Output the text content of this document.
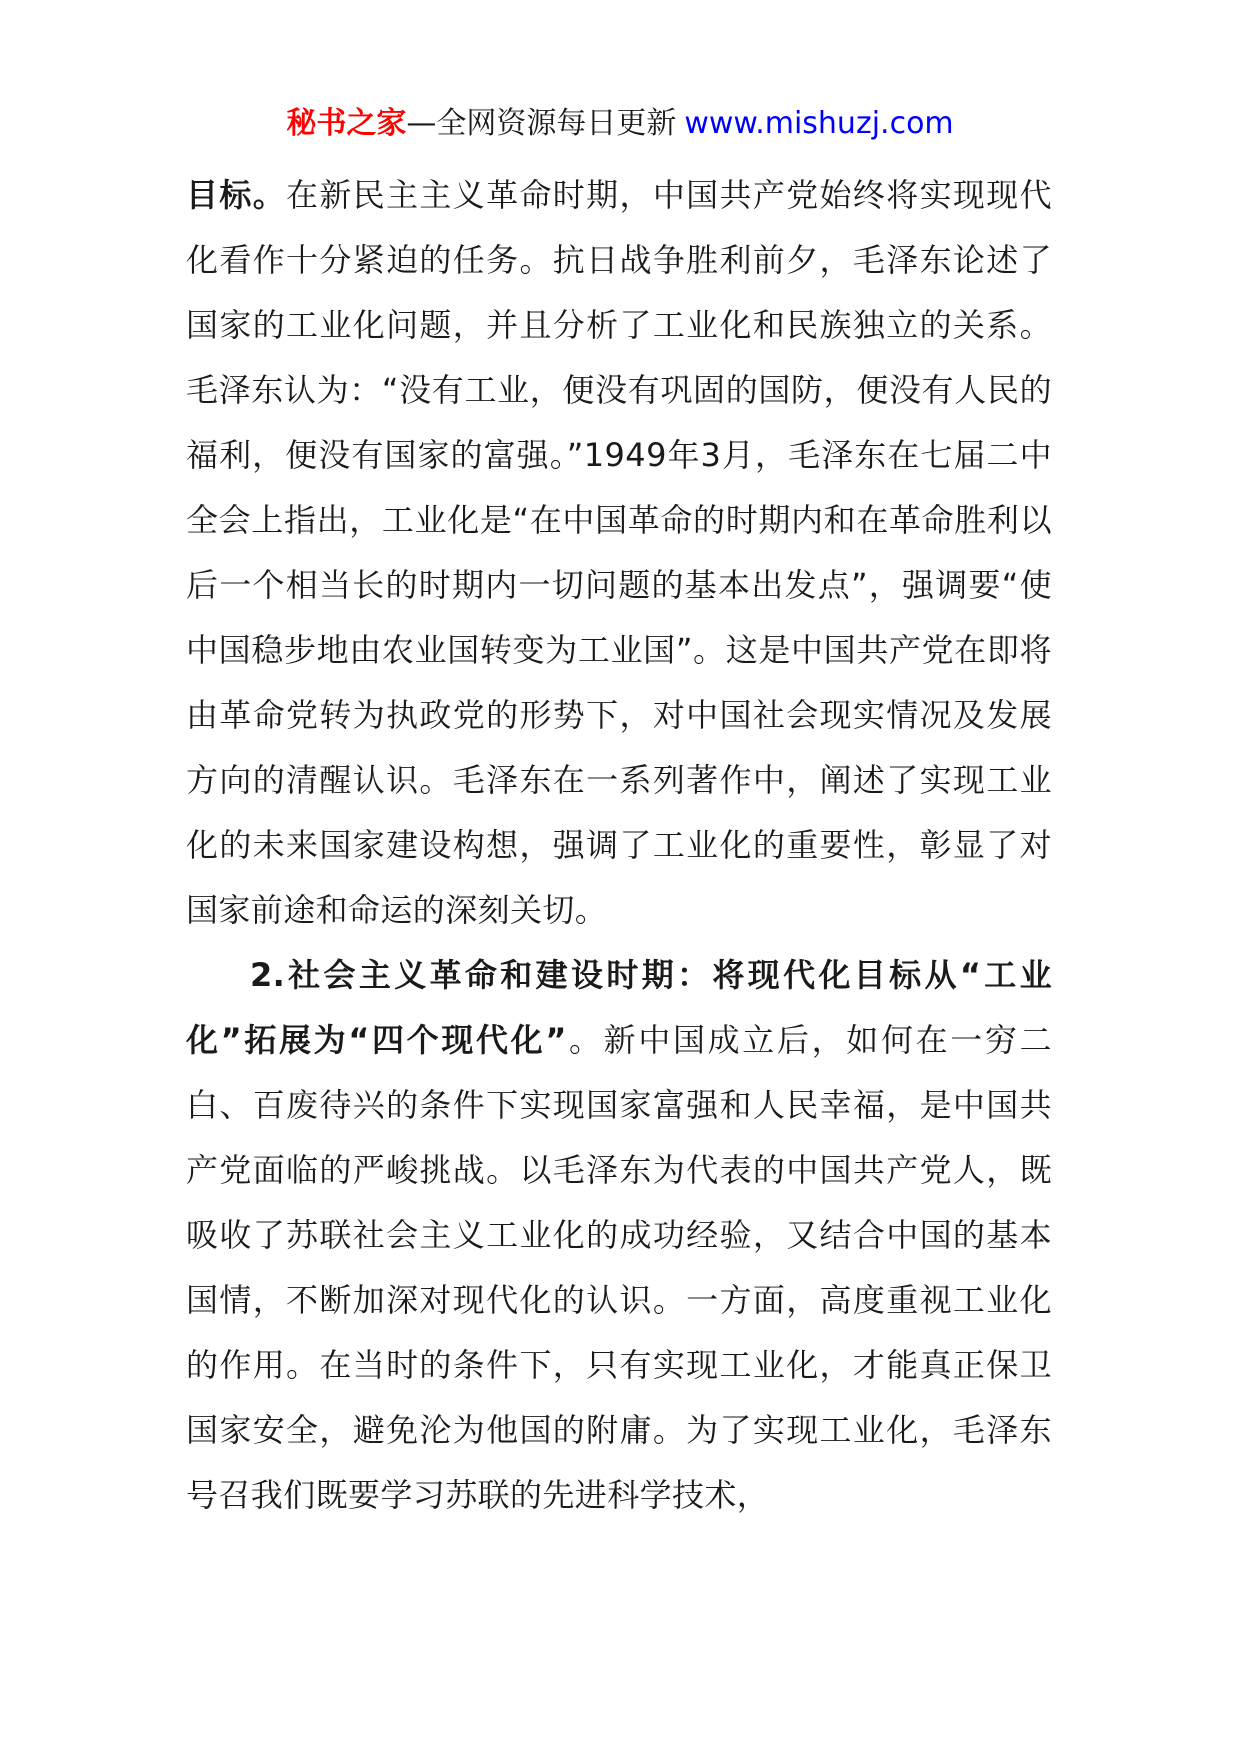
秘书之家—全网资源每日更新 www.mishuzj.com

目标。在新民主主义革命时期，中国共产党始终将实现现代化看作十分紧迫的任务。抗日战争胜利前夕，毛泽东论述了国家的工业化问题，并且分析了工业化和民族独立的关系。毛泽东认为：“没有工业，便没有巩固的国防，便没有人民的福利，便没有国家的富强。”1949年3月，毛泽东在七届二中全会上指出，工业化是“在中国革命的时期内和在革命胜利以后一个相当长的时期内一切问题的基本出发点”，强调要“使中国稳步地由农业国转变为工业国”。这是中国共产党在即将由革命党转为执政党的形势下，对中国社会现实情况及发展方向的清醒认识。毛泽东在一系列著作中，阐述了实现工业化的未来国家建设构想，强调了工业化的重要性，彰显了对国家前途和命运的深刻关切。

2.社会主义革命和建设时期：将现代化目标从“工业化”拓展为“四个现代化”。新中国成立后，如何在一穷二白、百废待兴的条件下实现国家富强和人民幸福，是中国共产党面临的严峻挑战。以毛泽东为代表的中国共产党人，既吸收了苏联社会主义工业化的成功经验，又结合中国的基本国情，不断加深对现代化的认识。一方面，高度重视工业化的作用。在当时的条件下，只有实现工业化，才能真正保卫国家安全，避免沦为他国的附庸。为了实现工业化，毛泽东号召我们既要学习苏联的先进科学技术，
